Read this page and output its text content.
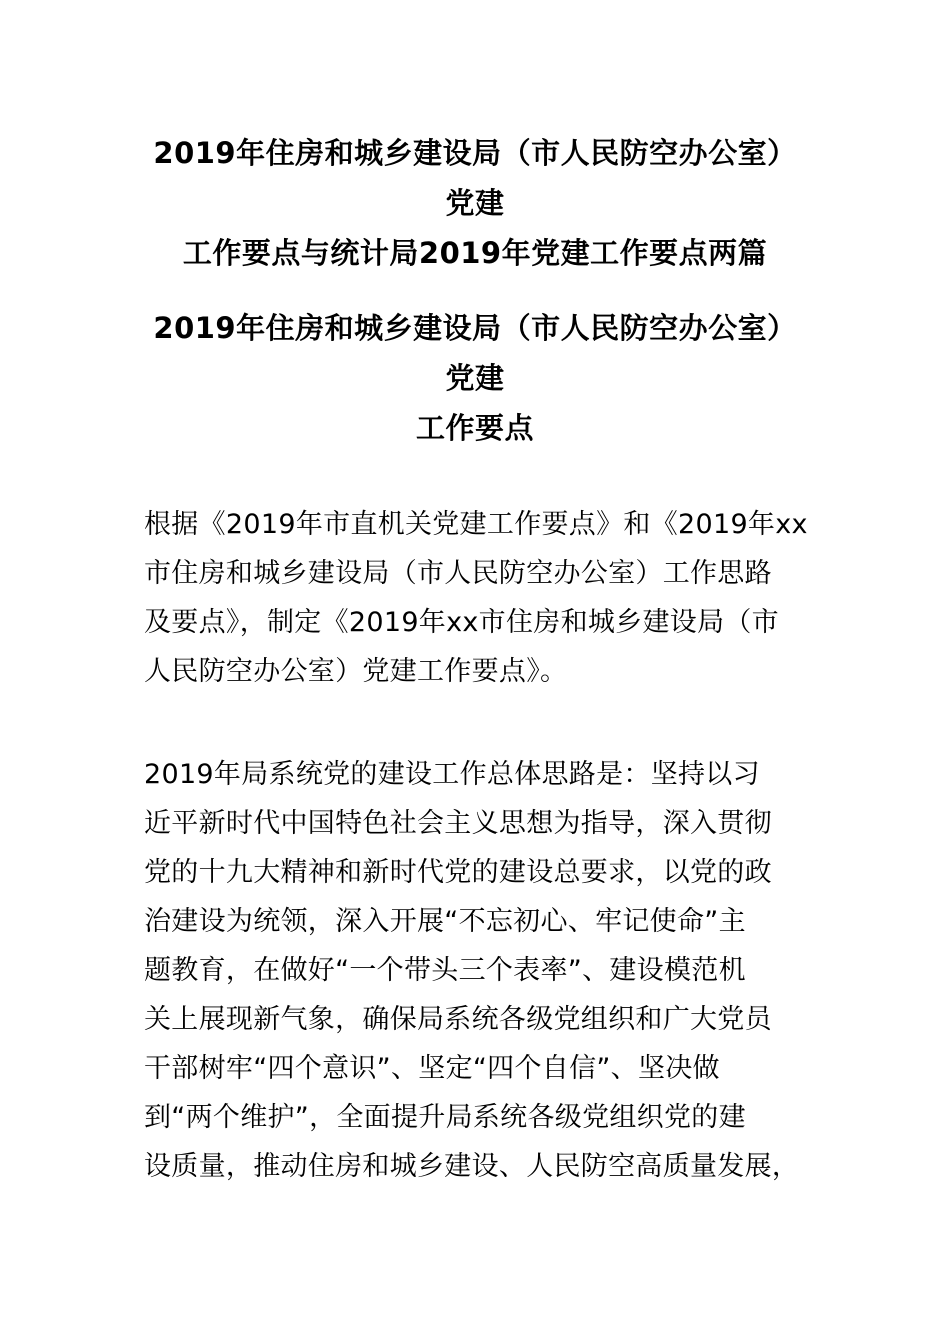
2019年住房和城乡建设局（市人民防空办公室）党建
工作要点与统计局2019年党建工作要点两篇
2019年住房和城乡建设局（市人民防空办公室）党建
工作要点

根据《2019年市直机关党建工作要点》和《2019年xx
市住房和城乡建设局（市人民防空办公室）工作思路
及要点》，制定《2019年xx市住房和城乡建设局（市
人民防空办公室）党建工作要点》。

2019年局系统党的建设工作总体思路是：坚持以习
近平新时代中国特色社会主义思想为指导，深入贯彻
党的十九大精神和新时代党的建设总要求，以党的政
治建设为统领，深入开展“不忘初心、牢记使命”主
题教育，在做好“一个带头三个表率”、建设模范机
关上展现新气象，确保局系统各级党组织和广大党员
干部树牢“四个意识”、坚定“四个自信”、坚决做
到“两个维护”，全面提升局系统各级党组织党的建
设质量，推动住房和城乡建设、人民防空高质量发展，
